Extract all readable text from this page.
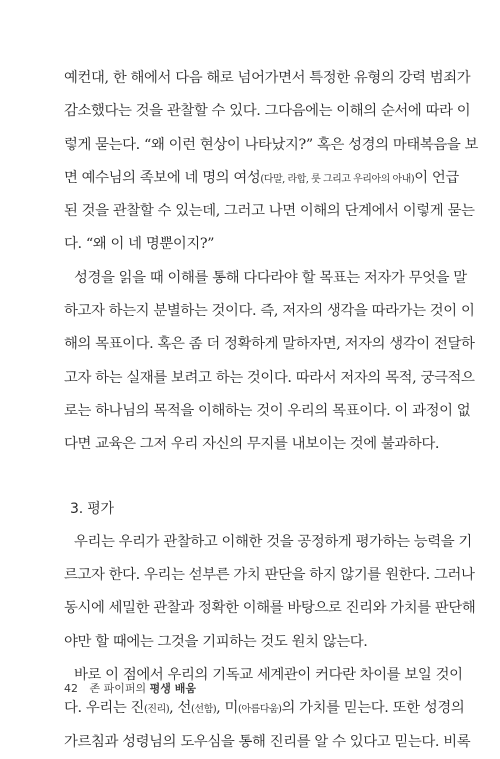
예컨대, 한 해에서 다음 해로 넘어가면서 특정한 유형의 강력 범죄가
감소했다는 것을 관찰할 수 있다. 그다음에는 이해의 순서에 따라 이
렇게 묻는다. “왜 이런 현상이 나타났지?” 혹은 성경의 마태복음을 보
면 예수님의 족보에 네 명의 여성(다말, 라합, 룻 그리고 우리아의 아내)이 언급
된 것을 관찰할 수 있는데, 그러고 나면 이해의 단계에서 이렇게 묻는
다. “왜 이 네 명뿐이지?”
성경을 읽을 때 이해를 통해 다다라야 할 목표는 저자가 무엇을 말
하고자 하는지 분별하는 것이다. 즉, 저자의 생각을 따라가는 것이 이
해의 목표이다. 혹은 좀 더 정확하게 말하자면, 저자의 생각이 전달하
고자 하는 실재를 보려고 하는 것이다. 따라서 저자의 목적, 궁극적으
로는 하나님의 목적을 이해하는 것이 우리의 목표이다. 이 과정이 없
다면 교육은 그저 우리 자신의 무지를 내보이는 것에 불과하다.
3. 평가
우리는 우리가 관찰하고 이해한 것을 공정하게 평가하는 능력을 기
르고자 한다. 우리는 섣부른 가치 판단을 하지 않기를 원한다. 그러나
동시에 세밀한 관찰과 정확한 이해를 바탕으로 진리와 가치를 판단해
야만 할 때에는 그것을 기피하는 것도 원치 않는다.
바로 이 점에서 우리의 기독교 세계관이 커다란 차이를 보일 것이
다. 우리는 진(진리), 선(선함), 미(아름다움)의 가치를 믿는다. 또한 성경의
가르침과 성령님의 도우심을 통해 진리를 알 수 있다고 믿는다. 비록
42 존 파이퍼의 평생 배움
